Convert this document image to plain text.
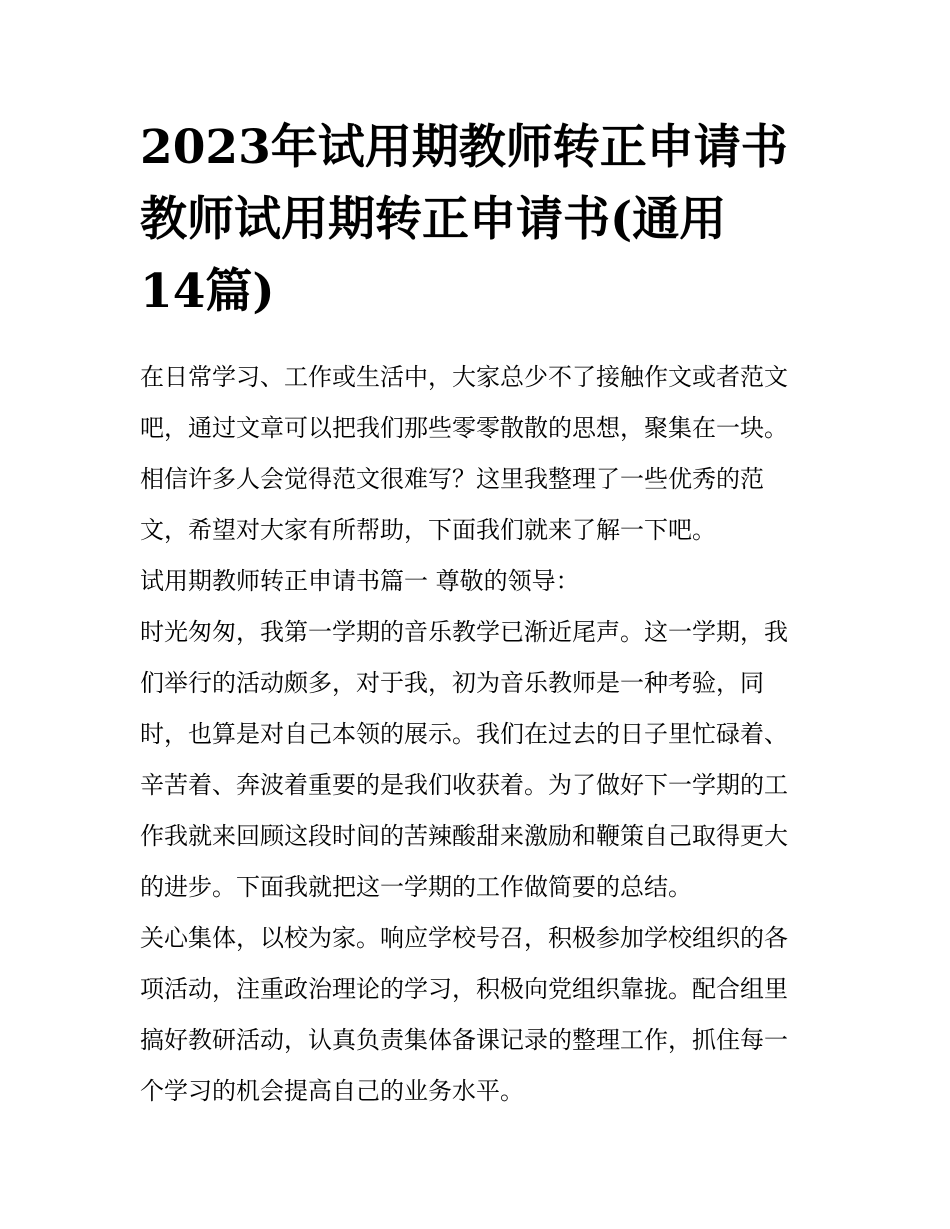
2023年试用期教师转正申请书
教师试用期转正申请书(通用
14篇)
在日常学习、工作或生活中，大家总少不了接触作文或者范文
吧，通过文章可以把我们那些零零散散的思想，聚集在一块。
相信许多人会觉得范文很难写？这里我整理了一些优秀的范
文，希望对大家有所帮助，下面我们就来了解一下吧。
试用期教师转正申请书篇一 尊敬的领导：
时光匆匆，我第一学期的音乐教学已渐近尾声。这一学期，我
们举行的活动颇多，对于我，初为音乐教师是一种考验，同
时，也算是对自己本领的展示。我们在过去的日子里忙碌着、
辛苦着、奔波着重要的是我们收获着。为了做好下一学期的工
作我就来回顾这段时间的苦辣酸甜来激励和鞭策自己取得更大
的进步。下面我就把这一学期的工作做简要的总结。
关心集体，以校为家。响应学校号召，积极参加学校组织的各
项活动，注重政治理论的学习，积极向党组织靠拢。配合组里
搞好教研活动，认真负责集体备课记录的整理工作，抓住每一
个学习的机会提高自己的业务水平。
